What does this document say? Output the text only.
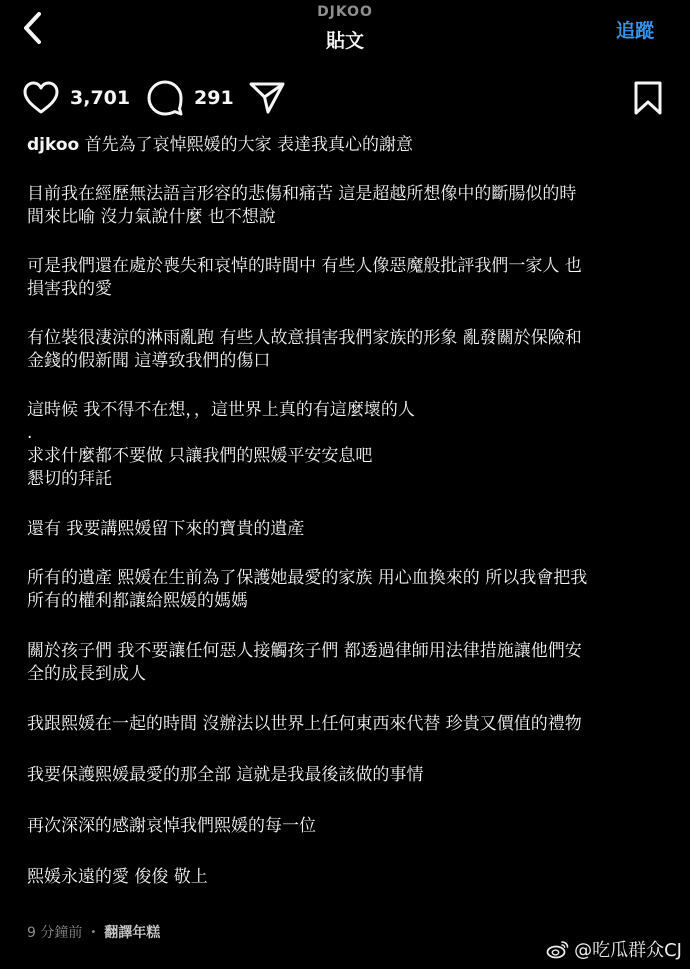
DJKOO
貼文	追蹤
3,701	291

djkoo 首先為了哀悼熙媛的大家 表達我真心的謝意

目前我在經歷無法語言形容的悲傷和痛苦 這是超越所想像中的斷腸似的時
間來比喻 沒力氣說什麼 也不想說

可是我們還在處於喪失和哀悼的時間中 有些人像惡魔般批評我們一家人 也
損害我的愛

有位裝很淒涼的淋雨亂跑 有些人故意損害我們家族的形象 亂發關於保險和
金錢的假新聞 這導致我們的傷口

這時候 我不得不在想，，這世界上真的有這麼壞的人
.
求求什麼都不要做 只讓我們的熙媛平安安息吧
懇切的拜託

還有 我要講熙媛留下來的寶貴的遺產

所有的遺產 熙媛在生前為了保護她最愛的家族 用心血換來的 所以我會把我
所有的權利都讓給熙媛的媽媽

關於孩子們 我不要讓任何惡人接觸孩子們 都透過律師用法律措施讓他們安
全的成長到成人

我跟熙媛在一起的時間 沒辦法以世界上任何東西來代替 珍貴又價值的禮物

我要保護熙媛最愛的那全部 這就是我最後該做的事情

再次深深的感謝哀悼我們熙媛的每一位

熙媛永遠的愛 俊俊 敬上

9 分鐘前 • 翻譯年糕
@吃瓜群众CJ
